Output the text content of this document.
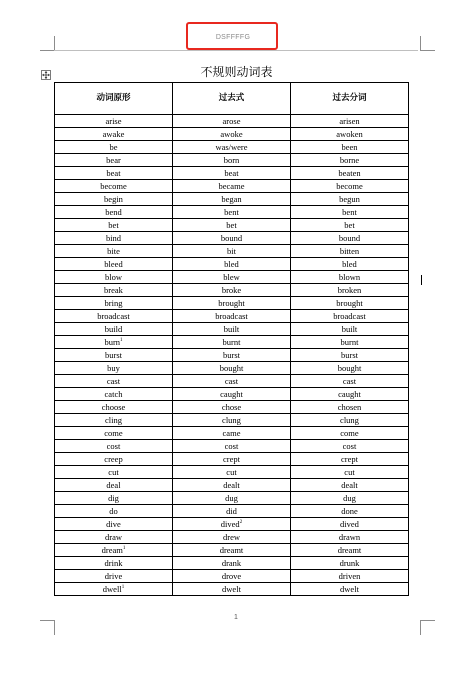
DSFFFFG
不规则动词表
动词原形	过去式	过去分词
arise	arose	arisen
awake	awoke	awoken
be	was/were	been
bear	born	borne
beat	beat	beaten
become	became	become
begin	began	begun
bend	bent	bent
bet	bet	bet
bind	bound	bound
bite	bit	bitten
bleed	bled	bled
blow	blew	blown
break	broke	broken
bring	brought	brought
broadcast	broadcast	broadcast
build	built	built
burn$^1$	burnt	burnt
burst	burst	burst
buy	bought	bought
cast	cast	cast
catch	caught	caught
choose	chose	chosen
cling	clung	clung
come	came	come
cost	cost	cost
creep	crept	crept
cut	cut	cut
deal	dealt	dealt
dig	dug	dug
do	did	done
dive	dived$^2$	dived
draw	drew	drawn
dream$^1$	dreamt	dreamt
drink	drank	drunk
drive	drove	driven
dwell$^1$	dwelt	dwelt
1
